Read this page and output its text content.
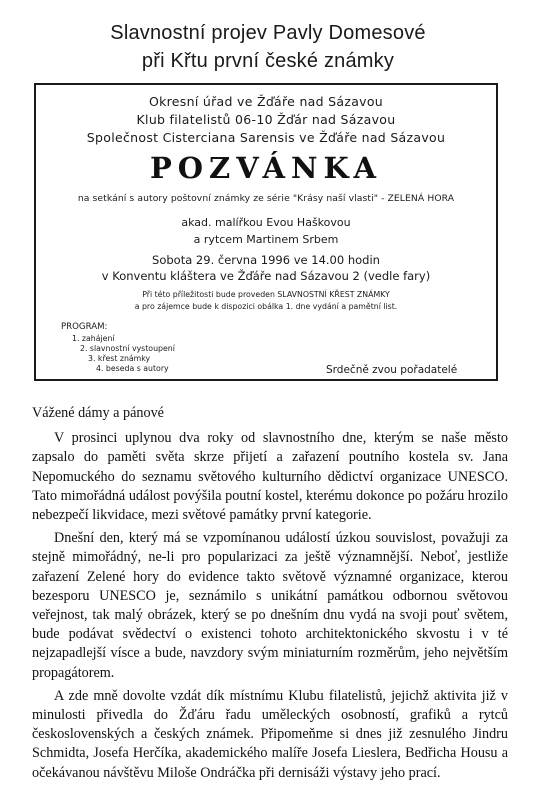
Slavnostní projev Pavly Domesové
při Křtu první české známky
Okresní úřad ve Žďáře nad Sázavou
Klub filatelistů 06-10 Žďár nad Sázavou
Společnost Cisterciana Sarensis ve Žďáře nad Sázavou
POZVÁNKA
na setkání s autory poštovní známky ze série "Krásy naší vlasti" - ZELENÁ HORA
akad. malířkou Evou Haškovou
a rytcem Martinem Srbem
Sobota 29. června 1996 ve 14.00 hodin
v Konventu kláštera ve Žďáře nad Sázavou 2 (vedle fary)
Při této příležitosti bude proveden SLAVNOSTNÍ KŘEST ZNÁMKY
a pro zájemce bude k dispozici obálka 1. dne vydání a pamětní list.
PROGRAM:
1. zahájení
2. slavnostní vystoupení
3. křest známky
4. beseda s autory	Srdečně zvou pořadatelé

Vážené dámy a pánové

V prosinci uplynou dva roky od slavnostního dne, kterým se naše město zapsalo do paměti světa skrze přijetí a zařazení poutního kostela sv. Jana Nepomuckého do seznamu světového kulturního dědictví organizace UNESCO. Tato mimořádná událost povýšila poutní kostel, kterému dokonce po požáru hrozilo nebezpečí likvidace, mezi světové památky první kategorie.

Dnešní den, který má se vzpomínanou událostí úzkou souvislost, považuji za stejně mimořádný, ne-li pro popularizaci za ještě významnější. Neboť, jestliže zařazení Zelené hory do evidence takto světově významné organizace, kterou bezesporu UNESCO je, seznámilo s unikátní památkou odbornou světovou veřejnost, tak malý obrázek, který se po dnešním dnu vydá na svoji pouť světem, bude podávat svědectví o existenci tohoto architektonického skvostu i v té nejzapadlejší vísce a bude, navzdory svým miniaturním rozměrům, jeho největším propagátorem.

A zde mně dovolte vzdát dík místnímu Klubu filatelistů, jejichž aktivita již v minulosti přivedla do Žďáru řadu uměleckých osobností, grafiků a rytců československých a českých známek. Připomeňme si dnes již zesnulého Jindru Schmidta, Josefa Herčíka, akademického malíře Josefa Lieslera, Bedřicha Housu a očekávanou návštěvu Miloše Ondráčka při dernisáži výstavy jeho prací.
